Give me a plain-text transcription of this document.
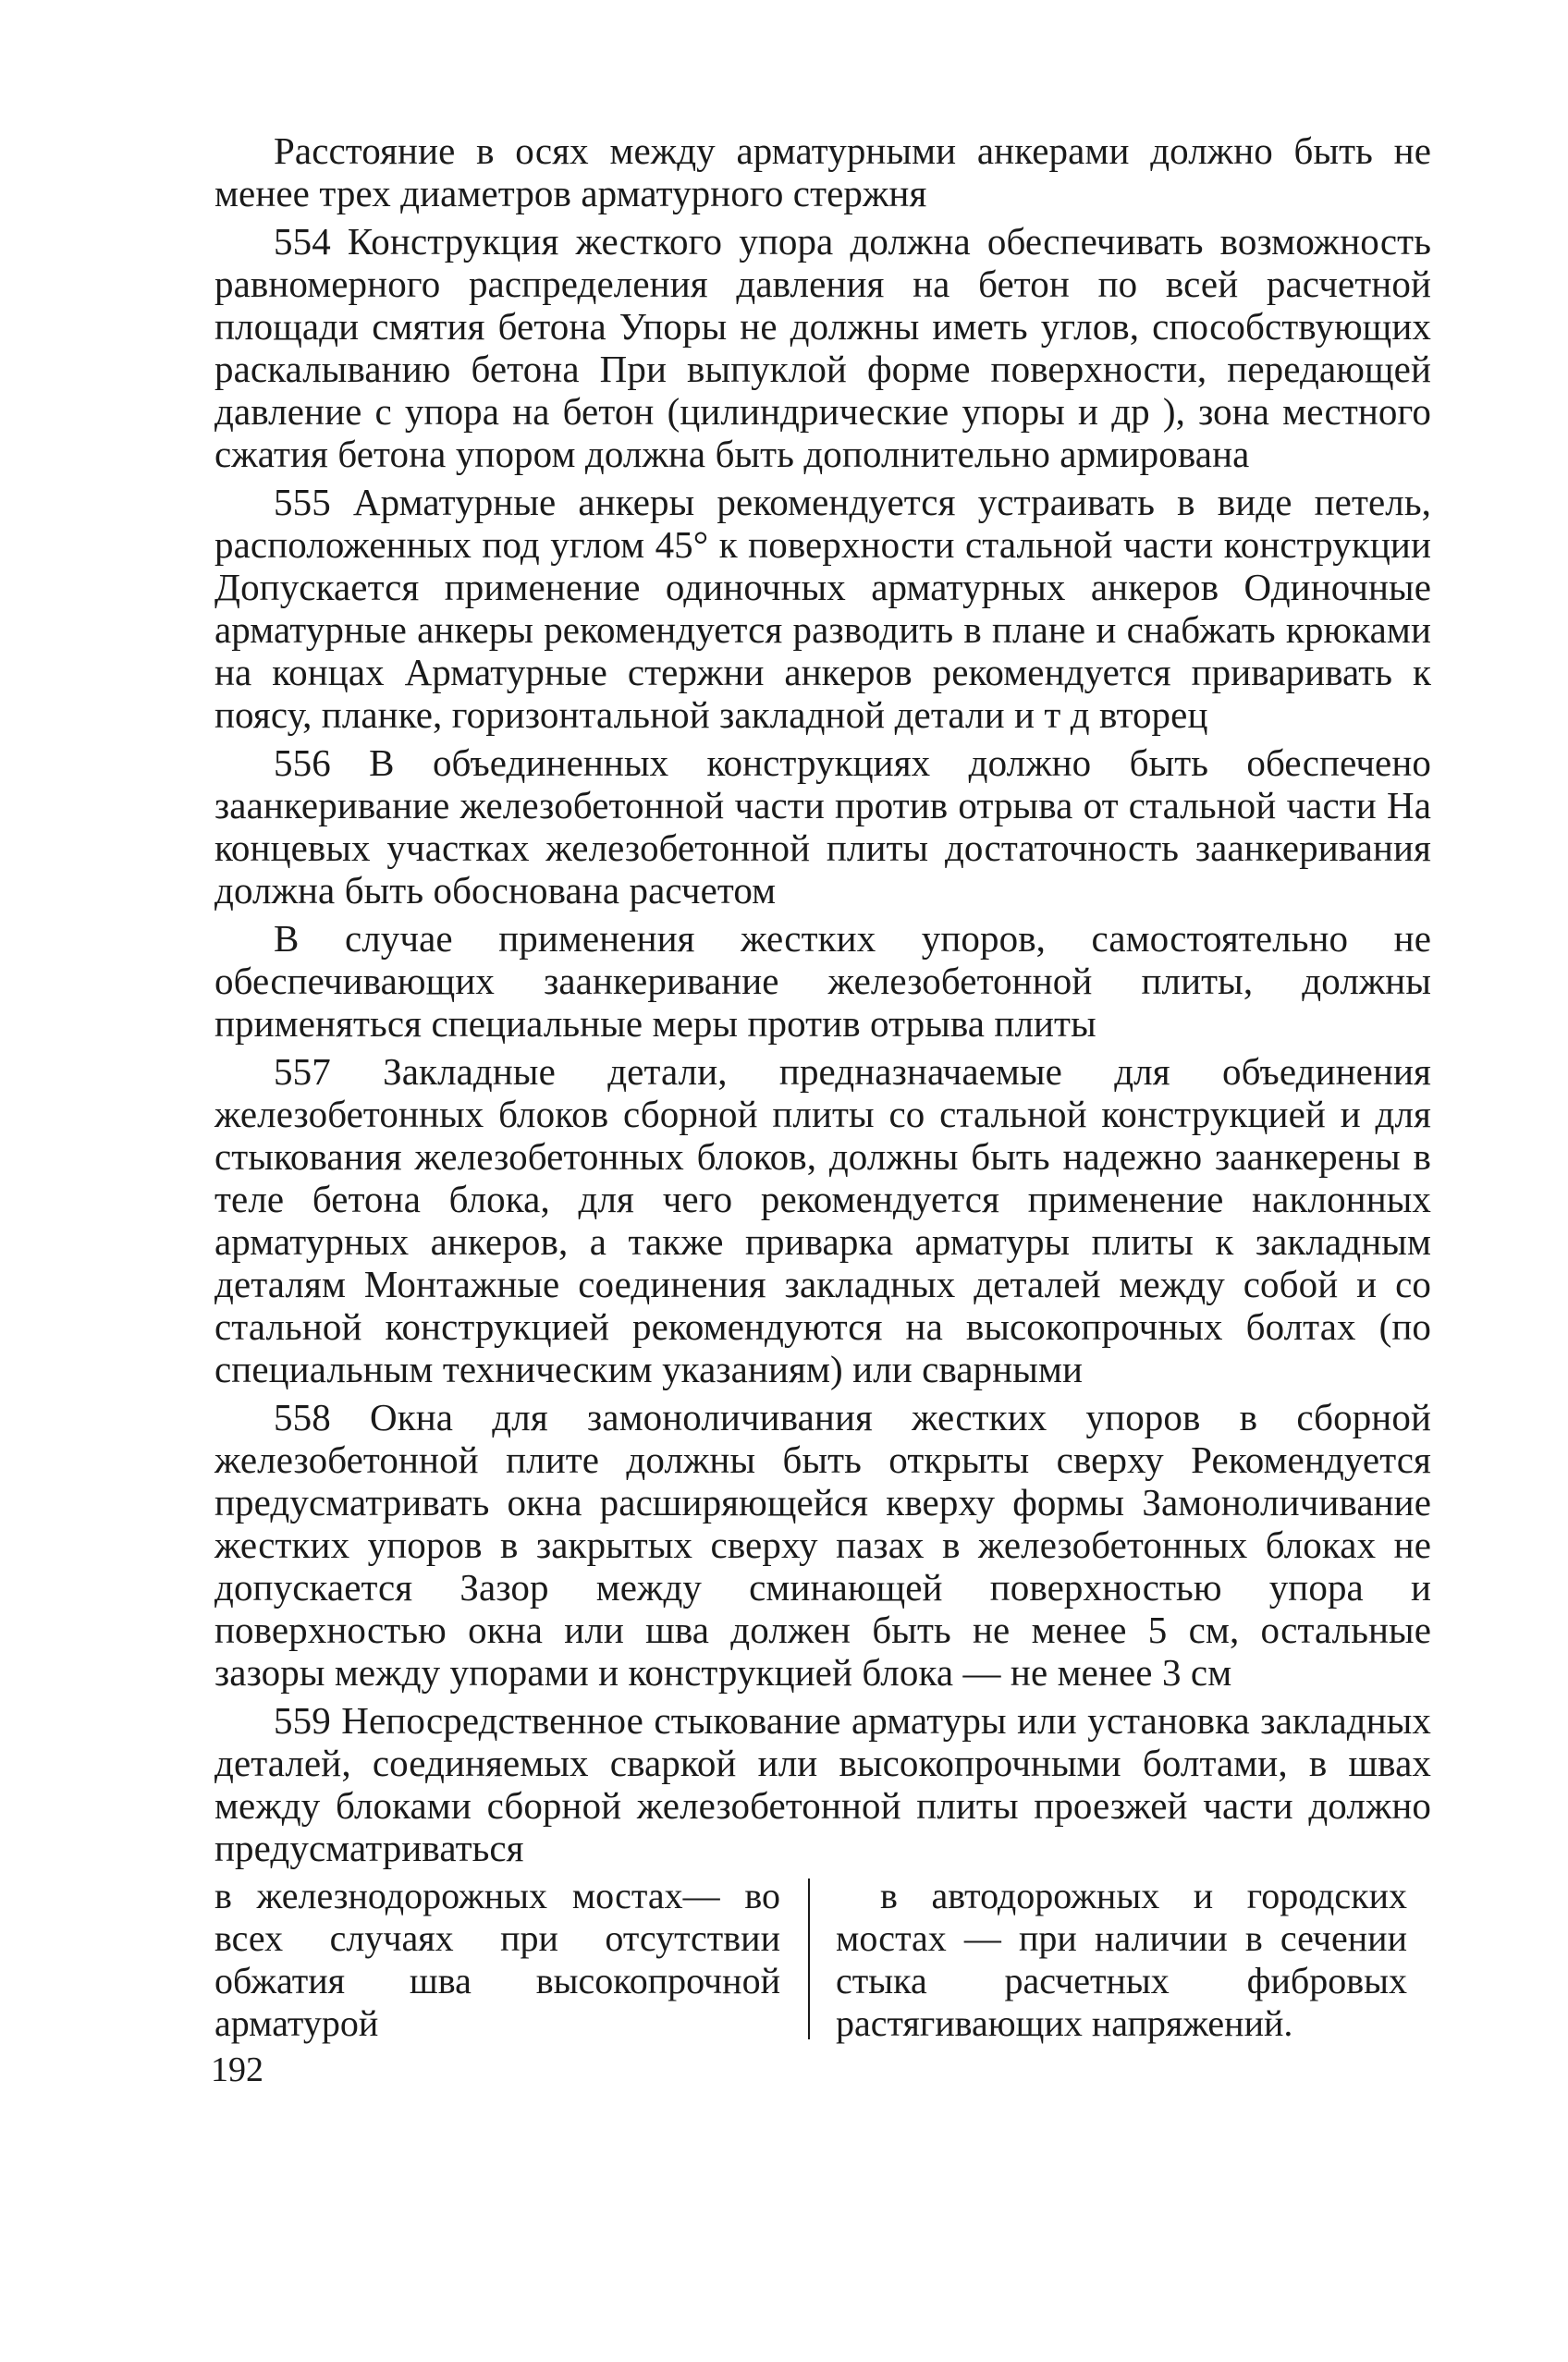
Расстояние в осях между арматурными анкерами должно быть не менее трех диаметров арматурного стержня

554 Конструкция жесткого упора должна обеспечивать возможность равномерного распределения давления на бетон по всей расчетной площади смятия бетона Упоры не должны иметь углов, способствующих раскалыванию бетона При выпуклой форме поверхности, передающей давление с упора на бетон (цилиндрические упоры и др ), зона местного сжатия бетона упором должна быть дополнительно армирована

555 Арматурные анкеры рекомендуется устраивать в виде петель, расположенных под углом 45° к поверхности стальной части конструкции Допускается применение одиночных арматурных анкеров Одиночные арматурные анкеры рекомендуется разводить в плане и снабжать крюками на концах Арматурные стержни анкеров рекомендуется приваривать к поясу, планке, горизонтальной закладной детали и т д вторец

556 В объединенных конструкциях должно быть обеспечено заанкеривание железобетонной части против отрыва от стальной части На концевых участках железобетонной плиты достаточность заанкеривания должна быть обоснована расчетом

В случае применения жестких упоров, самостоятельно не обеспечивающих заанкеривание железобетонной плиты, должны применяться специальные меры против отрыва плиты

557 Закладные детали, предназначаемые для объединения железобетонных блоков сборной плиты со стальной конструкцией и для стыкования железобетонных блоков, должны быть надежно заанкерены в теле бетона блока, для чего рекомендуется применение наклонных арматурных анкеров, а также приварка арматуры плиты к закладным деталям Монтажные соединения закладных деталей между собой и со стальной конструкцией рекомендуются на высокопрочных болтах (по специальным техническим указаниям) или сварными

558 Окна для замоноличивания жестких упоров в сборной железобетонной плите должны быть открыты сверху Рекомендуется предусматривать окна расширяющейся кверху формы Замоноличивание жестких упоров в закрытых сверху пазах в железобетонных блоках не допускается Зазор между сминающей поверхностью упора и поверхностью окна или шва должен быть не менее 5 см, остальные зазоры между упорами и конструкцией блока — не менее 3 см

559 Непосредственное стыкование арматуры или установка закладных деталей, соединяемых сваркой или высокопрочными болтами, в швах между блоками сборной железобетонной плиты проезжей части должно предусматриваться

в железнодорожных мостах— во всех случаях при отсутствии обжатия шва высокопрочной арматурой

в автодорожных и городских мостах — при наличии в сечении стыка расчетных фибровых растягивающих напряжений.

192
